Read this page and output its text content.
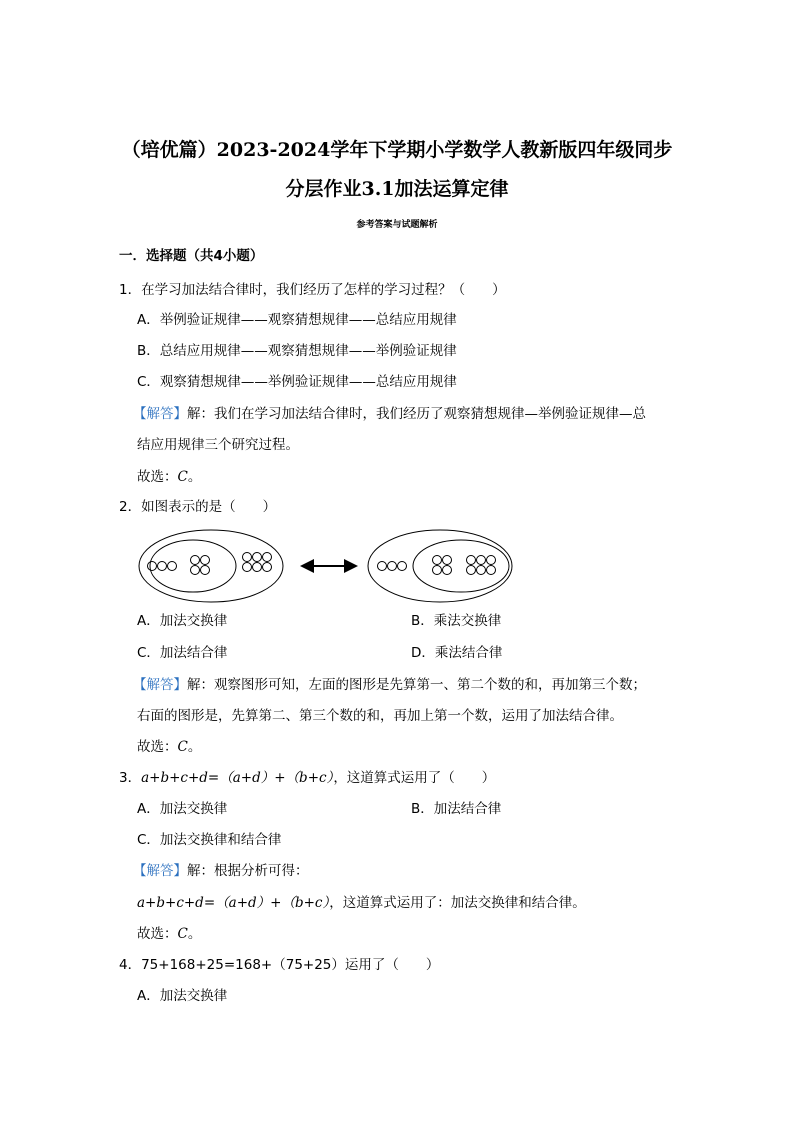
（培优篇）2023-2024学年下学期小学数学人教新版四年级同步
分层作业3.1加法运算定律
参考答案与试题解析
一．选择题（共4小题）
1．在学习加法结合律时，我们经历了怎样的学习过程？（　　）
A．举例验证规律——观察猜想规律——总结应用规律
B．总结应用规律——观察猜想规律——举例验证规律
C．观察猜想规律——举例验证规律——总结应用规律
【解答】解：我们在学习加法结合律时，我们经历了观察猜想规律—举例验证规律—总
结应用规律三个研究过程。
故选：C。
2．如图表示的是（　　）
A．加法交换律	B．乘法交换律
C．加法结合律	D．乘法结合律
【解答】解：观察图形可知，左面的图形是先算第一、第二个数的和，再加第三个数；
右面的图形是，先算第二、第三个数的和，再加上第一个数，运用了加法结合律。
故选：C。
3．a+b+c+d=（a+d）+（b+c），这道算式运用了（　　）
A．加法交换律	B．加法结合律
C．加法交换律和结合律
【解答】解：根据分析可得：
a+b+c+d=（a+d）+（b+c），这道算式运用了：加法交换律和结合律。
故选：C。
4．75+168+25=168+（75+25）运用了（　　）
A．加法交换律
